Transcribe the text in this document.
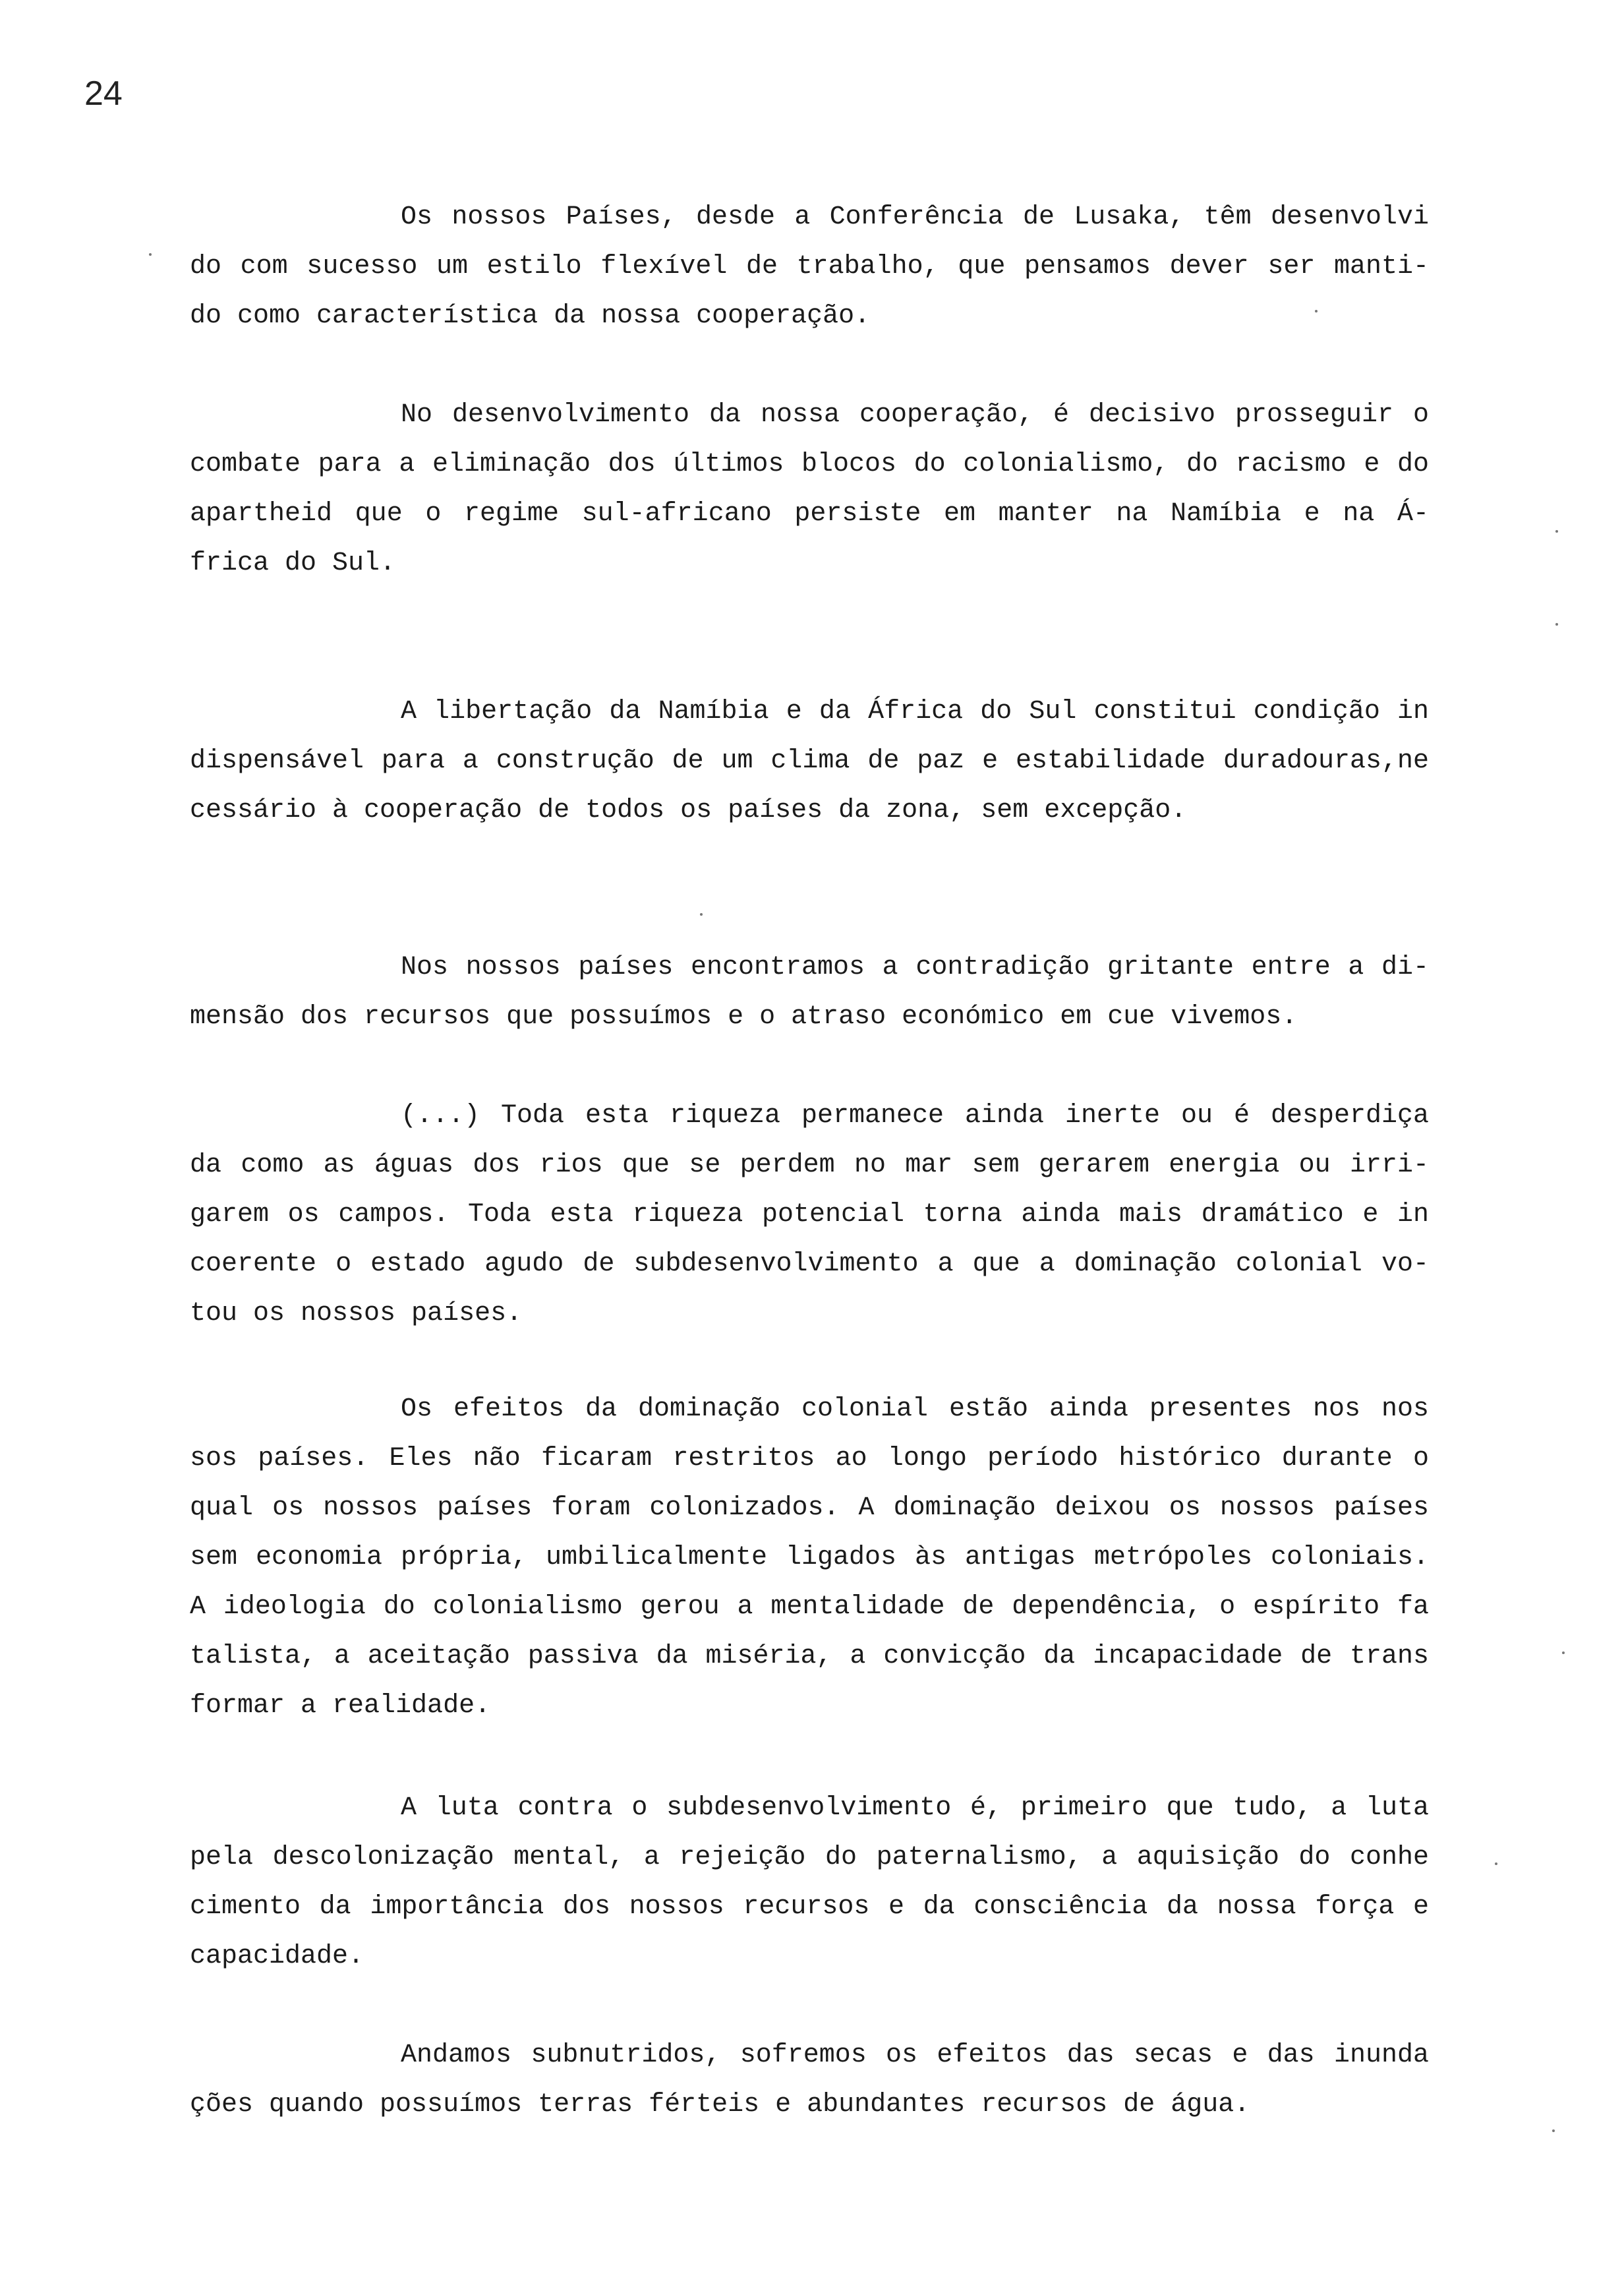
24

Os nossos Países, desde a Conferência de Lusaka, têm desenvolvi do com sucesso um estilo flexível de trabalho, que pensamos dever ser manti- do como característica da nossa cooperação.

No desenvolvimento da nossa cooperação, é decisivo prosseguir o combate para a eliminação dos últimos blocos do colonialismo, do racismo e do apartheid que o regime sul-africano persiste em manter na Namíbia e na Á- frica do Sul.

A libertação da Namíbia e da África do Sul constitui condição in dispensável para a construção de um clima de paz e estabilidade duradouras,ne cessário à cooperação de todos os países da zona, sem excepção.

Nos nossos países encontramos a contradição gritante entre a di- mensão dos recursos que possuímos e o atraso económico em cue vivemos.

(...) Toda esta riqueza permanece ainda inerte ou é desperdiça da como as águas dos rios que se perdem no mar sem gerarem energia ou irri- garem os campos. Toda esta riqueza potencial torna ainda mais dramático e in coerente o estado agudo de subdesenvolvimento a que a dominação colonial vo- tou os nossos países.

Os efeitos da dominação colonial estão ainda presentes nos nos sos países. Eles não ficaram restritos ao longo período histórico durante o qual os nossos países foram colonizados. A dominação deixou os nossos países sem economia própria, umbilicalmente ligados às antigas metrópoles coloniais. A ideologia do colonialismo gerou a mentalidade de dependência, o espírito fa talista, a aceitação passiva da miséria, a convicção da incapacidade de trans formar a realidade.

A luta contra o subdesenvolvimento é, primeiro que tudo, a luta pela descolonização mental, a rejeição do paternalismo, a aquisição do conhe cimento da importância dos nossos recursos e da consciência da nossa força e capacidade.

Andamos subnutridos, sofremos os efeitos das secas e das inunda ções quando possuímos terras férteis e abundantes recursos de água.
